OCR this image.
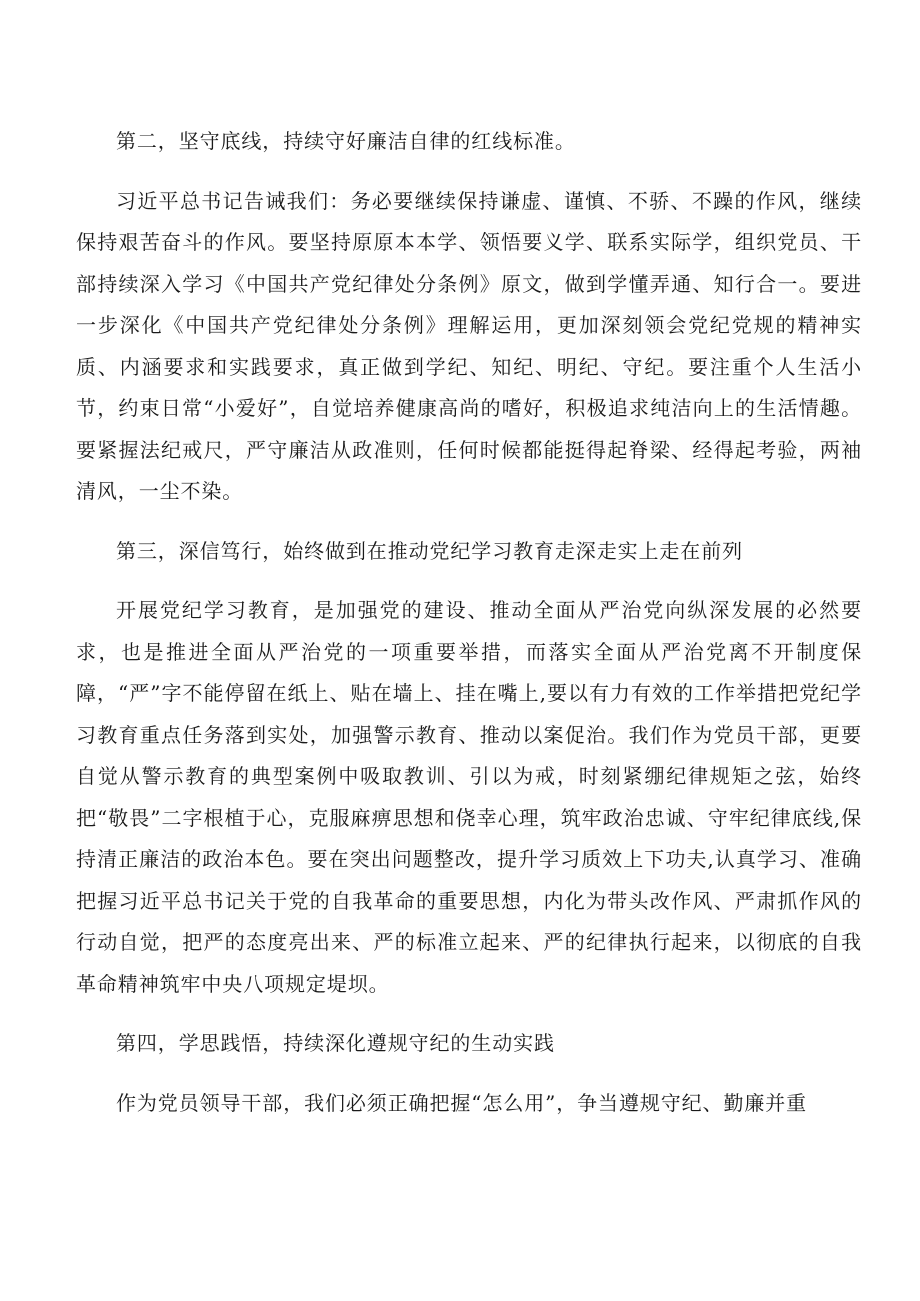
第二，坚守底线，持续守好廉洁自律的红线标准。

习近平总书记告诫我们：务必要继续保持谦虚、谨慎、不骄、不躁的作风，继续保持艰苦奋斗的作风。要坚持原原本本学、领悟要义学、联系实际学，组织党员、干部持续深入学习《中国共产党纪律处分条例》原文，做到学懂弄通、知行合一。要进一步深化《中国共产党纪律处分条例》理解运用，更加深刻领会党纪党规的精神实质、内涵要求和实践要求，真正做到学纪、知纪、明纪、守纪。要注重个人生活小节，约束日常“小爱好”，自觉培养健康高尚的嗜好，积极追求纯洁向上的生活情趣。要紧握法纪戒尺，严守廉洁从政准则，任何时候都能挺得起脊梁、经得起考验，两袖清风，一尘不染。

第三，深信笃行，始终做到在推动党纪学习教育走深走实上走在前列

开展党纪学习教育，是加强党的建设、推动全面从严治党向纵深发展的必然要求，也是推进全面从严治党的一项重要举措，而落实全面从严治党离不开制度保障，“严”字不能停留在纸上、贴在墙上、挂在嘴上,要以有力有效的工作举措把党纪学习教育重点任务落到实处，加强警示教育、推动以案促治。我们作为党员干部，更要自觉从警示教育的典型案例中吸取教训、引以为戒，时刻紧绷纪律规矩之弦，始终把“敬畏”二字根植于心，克服麻痹思想和侥幸心理，筑牢政治忠诚、守牢纪律底线,保持清正廉洁的政治本色。要在突出问题整改，提升学习质效上下功夫,认真学习、准确把握习近平总书记关于党的自我革命的重要思想，内化为带头改作风、严肃抓作风的行动自觉，把严的态度亮出来、严的标准立起来、严的纪律执行起来，以彻底的自我革命精神筑牢中央八项规定堤坝。

第四，学思践悟，持续深化遵规守纪的生动实践

作为党员领导干部，我们必须正确把握“怎么用”，争当遵规守纪、勤廉并重
